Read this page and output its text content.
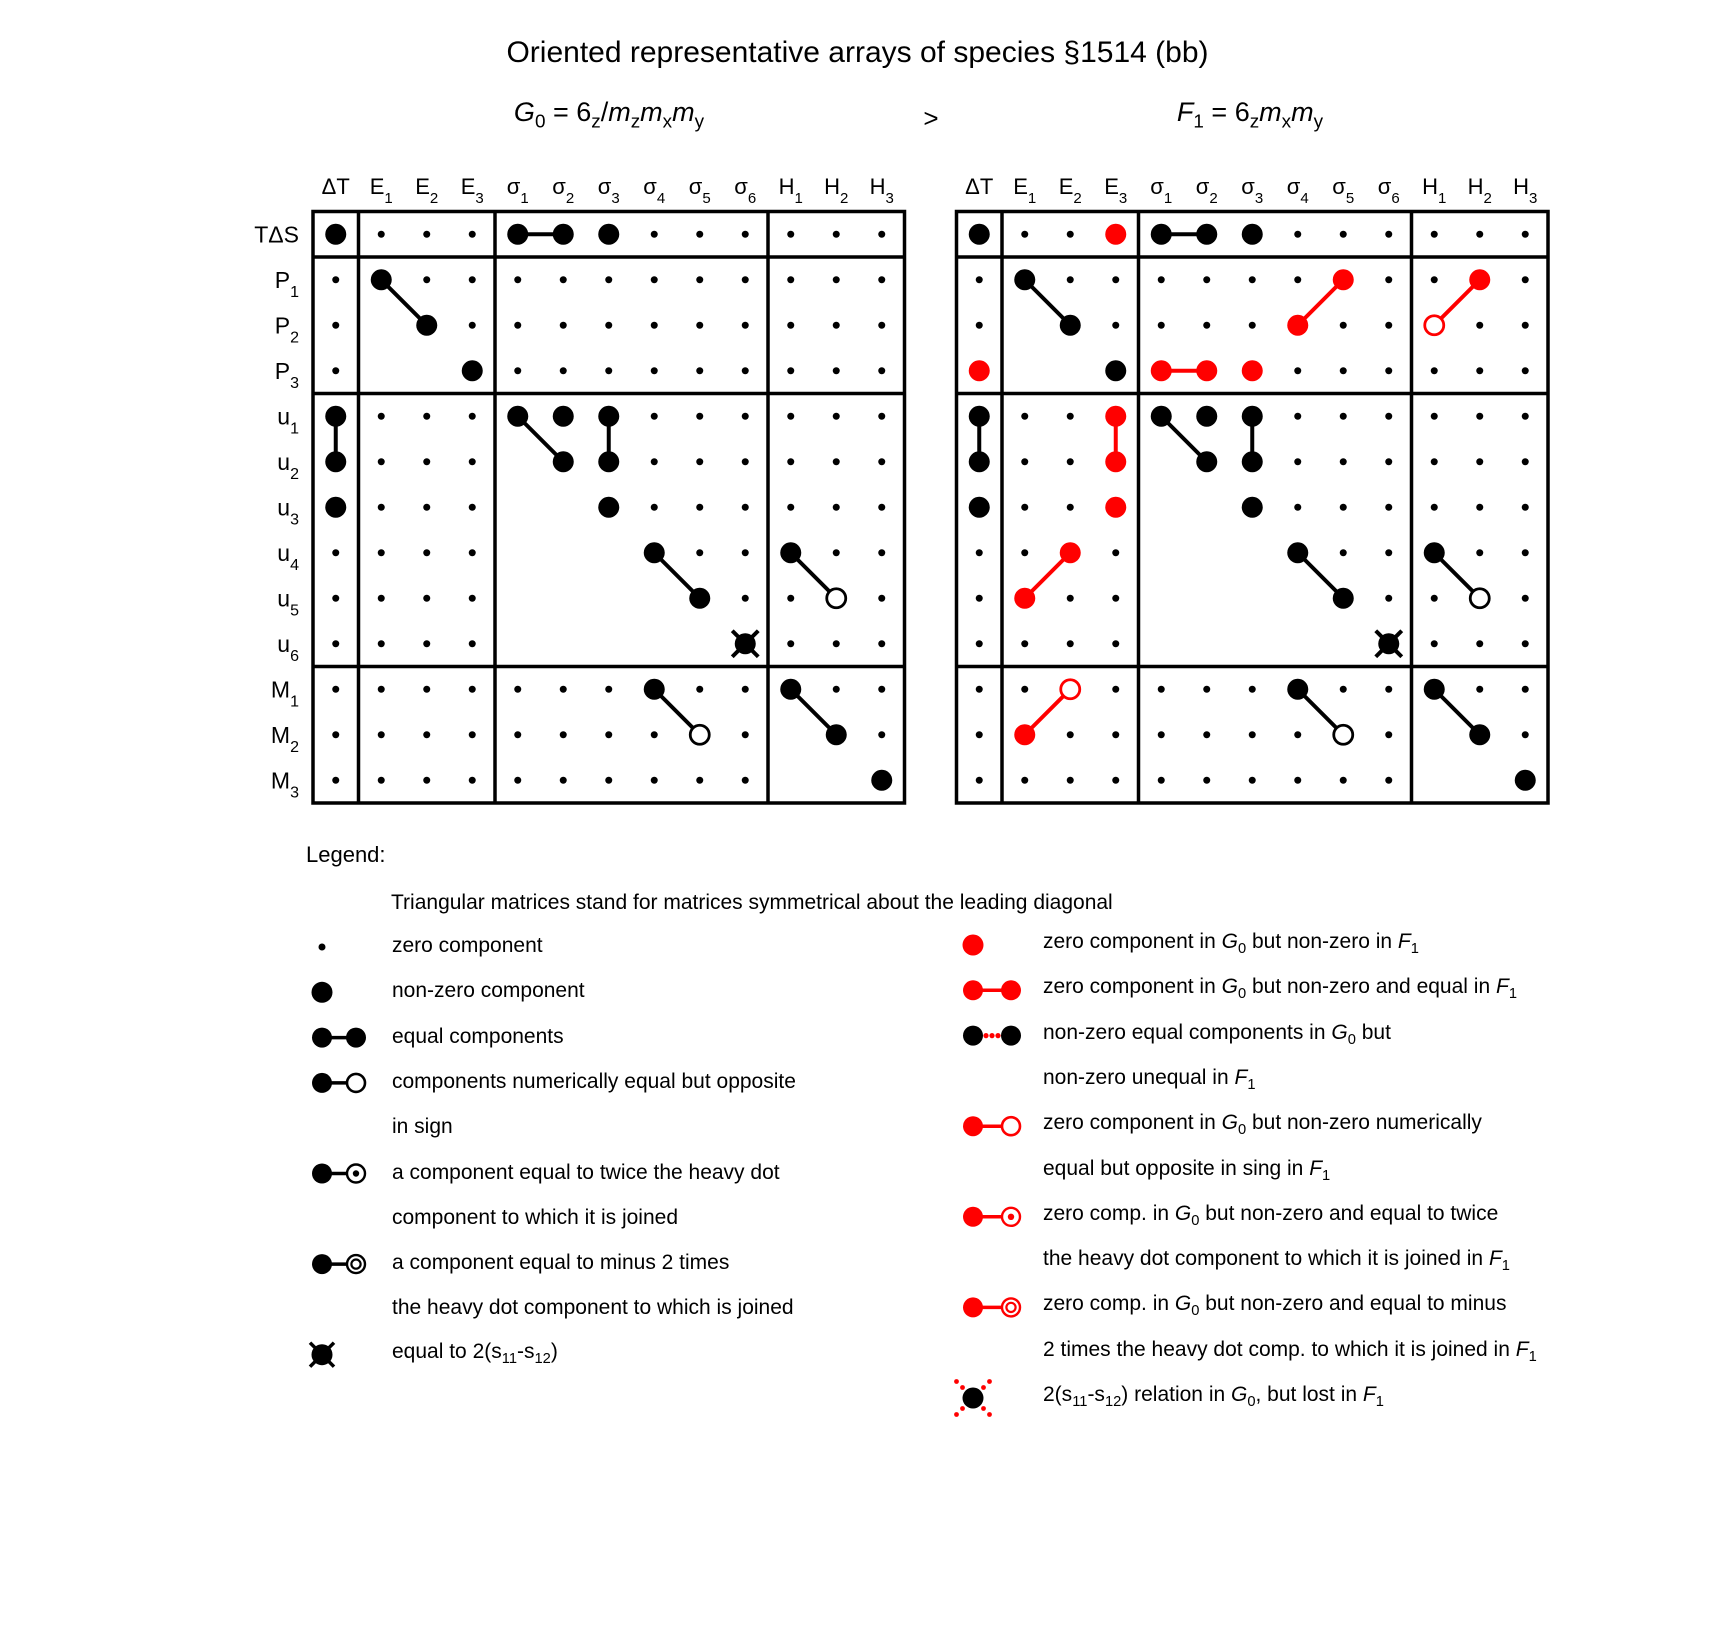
Oriented representative arrays of species §1514 (bb)
$G_0 = 6_z/m_zm_xm_y$	>	$F_1 = 6_zm_xm_y$
ΔT $E_1$ $E_2$ $E_3$ $\sigma_1$ $\sigma_2$ $\sigma_3$ $\sigma_4$ $\sigma_5$ $\sigma_6$ $H_1$ $H_2$ $H_3$
TΔS
$P_1$
$P_2$
$P_3$
$u_1$
$u_2$
$u_3$
$u_4$
$u_5$
$u_6$
$M_1$
$M_2$
$M_3$
ΔT $E_1$ $E_2$ $E_3$ $\sigma_1$ $\sigma_2$ $\sigma_3$ $\sigma_4$ $\sigma_5$ $\sigma_6$ $H_1$ $H_2$ $H_3$
Legend:
Triangular matrices stand for matrices symmetrical about the leading diagonal
zero component
non-zero component
equal components
components numerically equal but opposite
in sign
a component equal to twice the heavy dot
component to which it is joined
a component equal to minus 2 times
the heavy dot component to which is joined
equal to $2(s_{11}-s_{12})$
zero component in $G_0$ but non-zero in $F_1$
zero component in $G_0$ but non-zero and equal in $F_1$
non-zero equal components in $G_0$ but
non-zero unequal in $F_1$
zero component in $G_0$ but non-zero numerically
equal but opposite in sing in $F_1$
zero comp. in $G_0$ but non-zero and equal to twice
the heavy dot component to which it is joined in $F_1$
zero comp. in $G_0$ but non-zero and equal to minus
2 times the heavy dot comp. to which it is joined in $F_1$
$2(s_{11}-s_{12})$ relation in $G_0$, but lost in $F_1$
